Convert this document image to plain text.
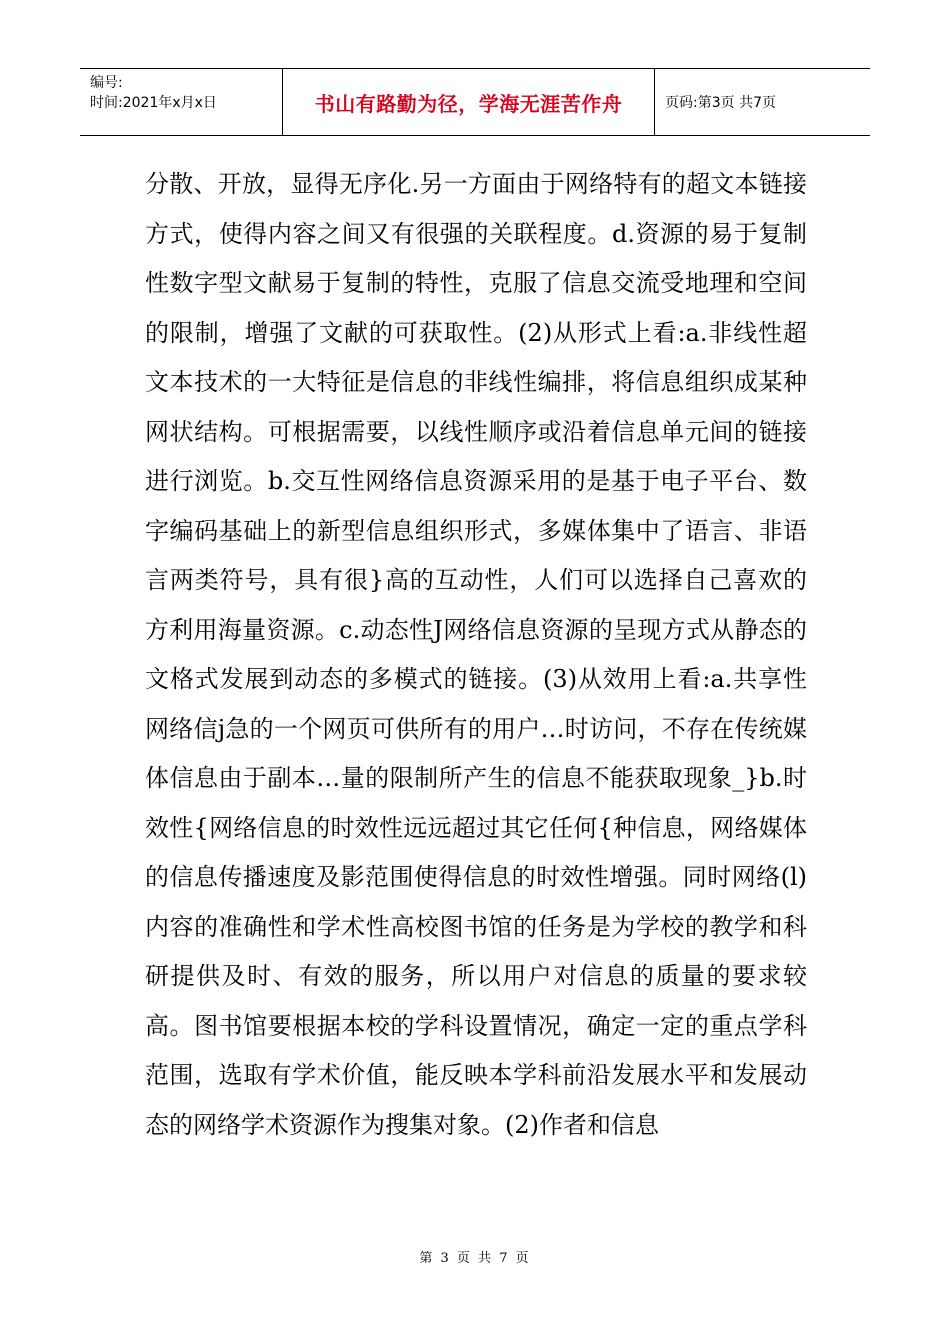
编号:
时间:2021年x月x日	书山有路勤为径，学海无涯苦作舟	页码:第3页 共7页

分散、开放，显得无序化.另一方面由于网络特有的超文本链接方式，使得内容之间又有很强的关联程度。d.资源的易于复制性数字型文献易于复制的特性，克服了信息交流受地理和空间的限制，增强了文献的可获取性。(2)从形式上看:a.非线性超文本技术的一大特征是信息的非线性编排，将信息组织成某种网状结构。可根据需要，以线性顺序或沿着信息单元间的链接进行浏览。b.交互性网络信息资源采用的是基于电子平台、数字编码基础上的新型信息组织形式，多媒体集中了语言、非语言两类符号，具有很}高的互动性，人们可以选择自己喜欢的方利用海量资源。c.动态性J网络信息资源的呈现方式从静态的文格式发展到动态的多模式的链接。(3)从效用上看:a.共享性网络信j急的一个网页可供所有的用户…时访问，不存在传统媒体信息由于副本…量的限制所产生的信息不能获取现象_}b.时效性{网络信息的时效性远远超过其它任何{种信息，网络媒体的信息传播速度及影范围使得信息的时效性增强。同时网络(l)内容的准确性和学术性高校图书馆的任务是为学校的教学和科研提供及时、有效的服务，所以用户对信息的质量的要求较高。图书馆要根据本校的学科设置情况，确定一定的重点学科范围，选取有学术价值，能反映本学科前沿发展水平和发展动态的网络学术资源作为搜集对象。(2)作者和信息

第 3 页 共 7 页
